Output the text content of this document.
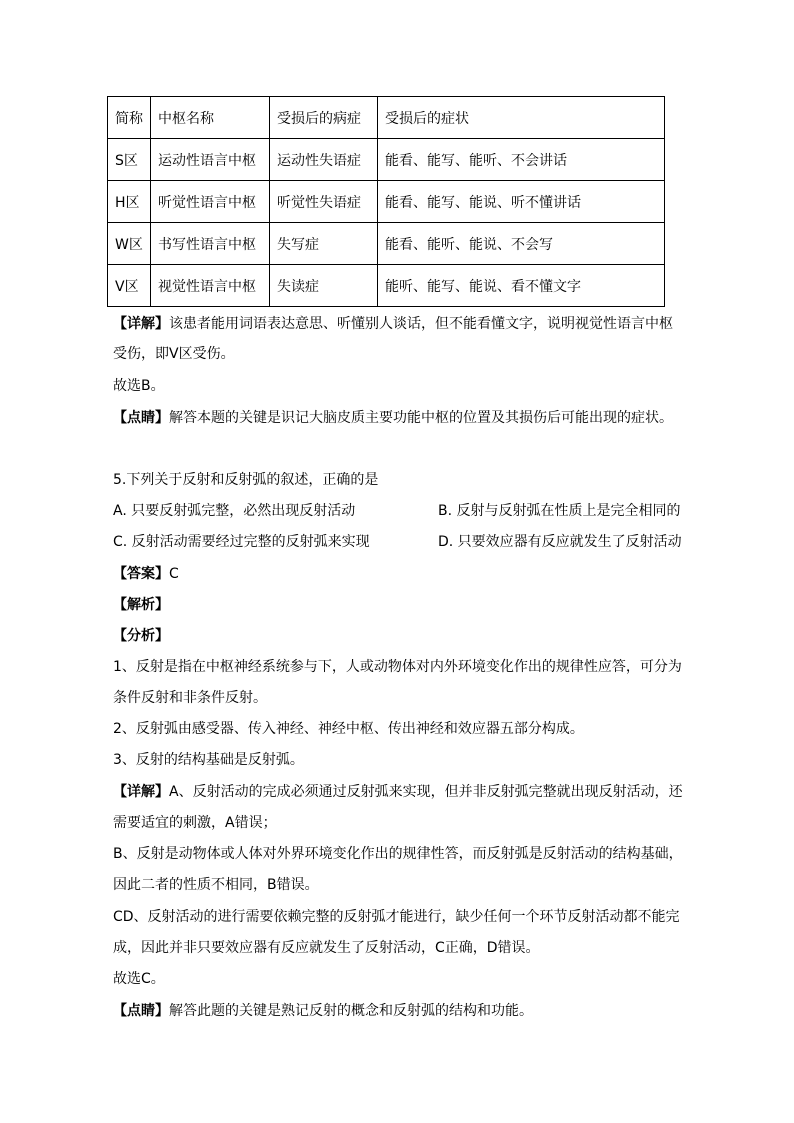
简称	中枢名称	受损后的病症	受损后的症状
S区	运动性语言中枢	运动性失语症	能看、能写、能听、不会讲话
H区	听觉性语言中枢	听觉性失语症	能看、能写、能说、听不懂讲话
W区	书写性语言中枢	失写症	能看、能听、能说、不会写
V区	视觉性语言中枢	失读症	能听、能写、能说、看不懂文字
【详解】该患者能用词语表达意思、听懂别人谈话，但不能看懂文字，说明视觉性语言中枢
受伤，即V区受伤。
故选B。
【点睛】解答本题的关键是识记大脑皮质主要功能中枢的位置及其损伤后可能出现的症状。
5.下列关于反射和反射弧的叙述，正确的是
A. 只要反射弧完整，必然出现反射活动	B. 反射与反射弧在性质上是完全相同的
C. 反射活动需要经过完整的反射弧来实现	D. 只要效应器有反应就发生了反射活动
【答案】C
【解析】
【分析】
1、反射是指在中枢神经系统参与下，人或动物体对内外环境变化作出的规律性应答，可分为
条件反射和非条件反射。
2、反射弧由感受器、传入神经、神经中枢、传出神经和效应器五部分构成。
3、反射的结构基础是反射弧。
【详解】A、反射活动的完成必须通过反射弧来实现，但并非反射弧完整就出现反射活动，还
需要适宜的刺激，A错误；
B、反射是动物体或人体对外界环境变化作出的规律性答，而反射弧是反射活动的结构基础，
因此二者的性质不相同，B错误。
CD、反射活动的进行需要依赖完整的反射弧才能进行，缺少任何一个环节反射活动都不能完
成，因此并非只要效应器有反应就发生了反射活动，C正确，D错误。
故选C。
【点睛】解答此题的关键是熟记反射的概念和反射弧的结构和功能。
